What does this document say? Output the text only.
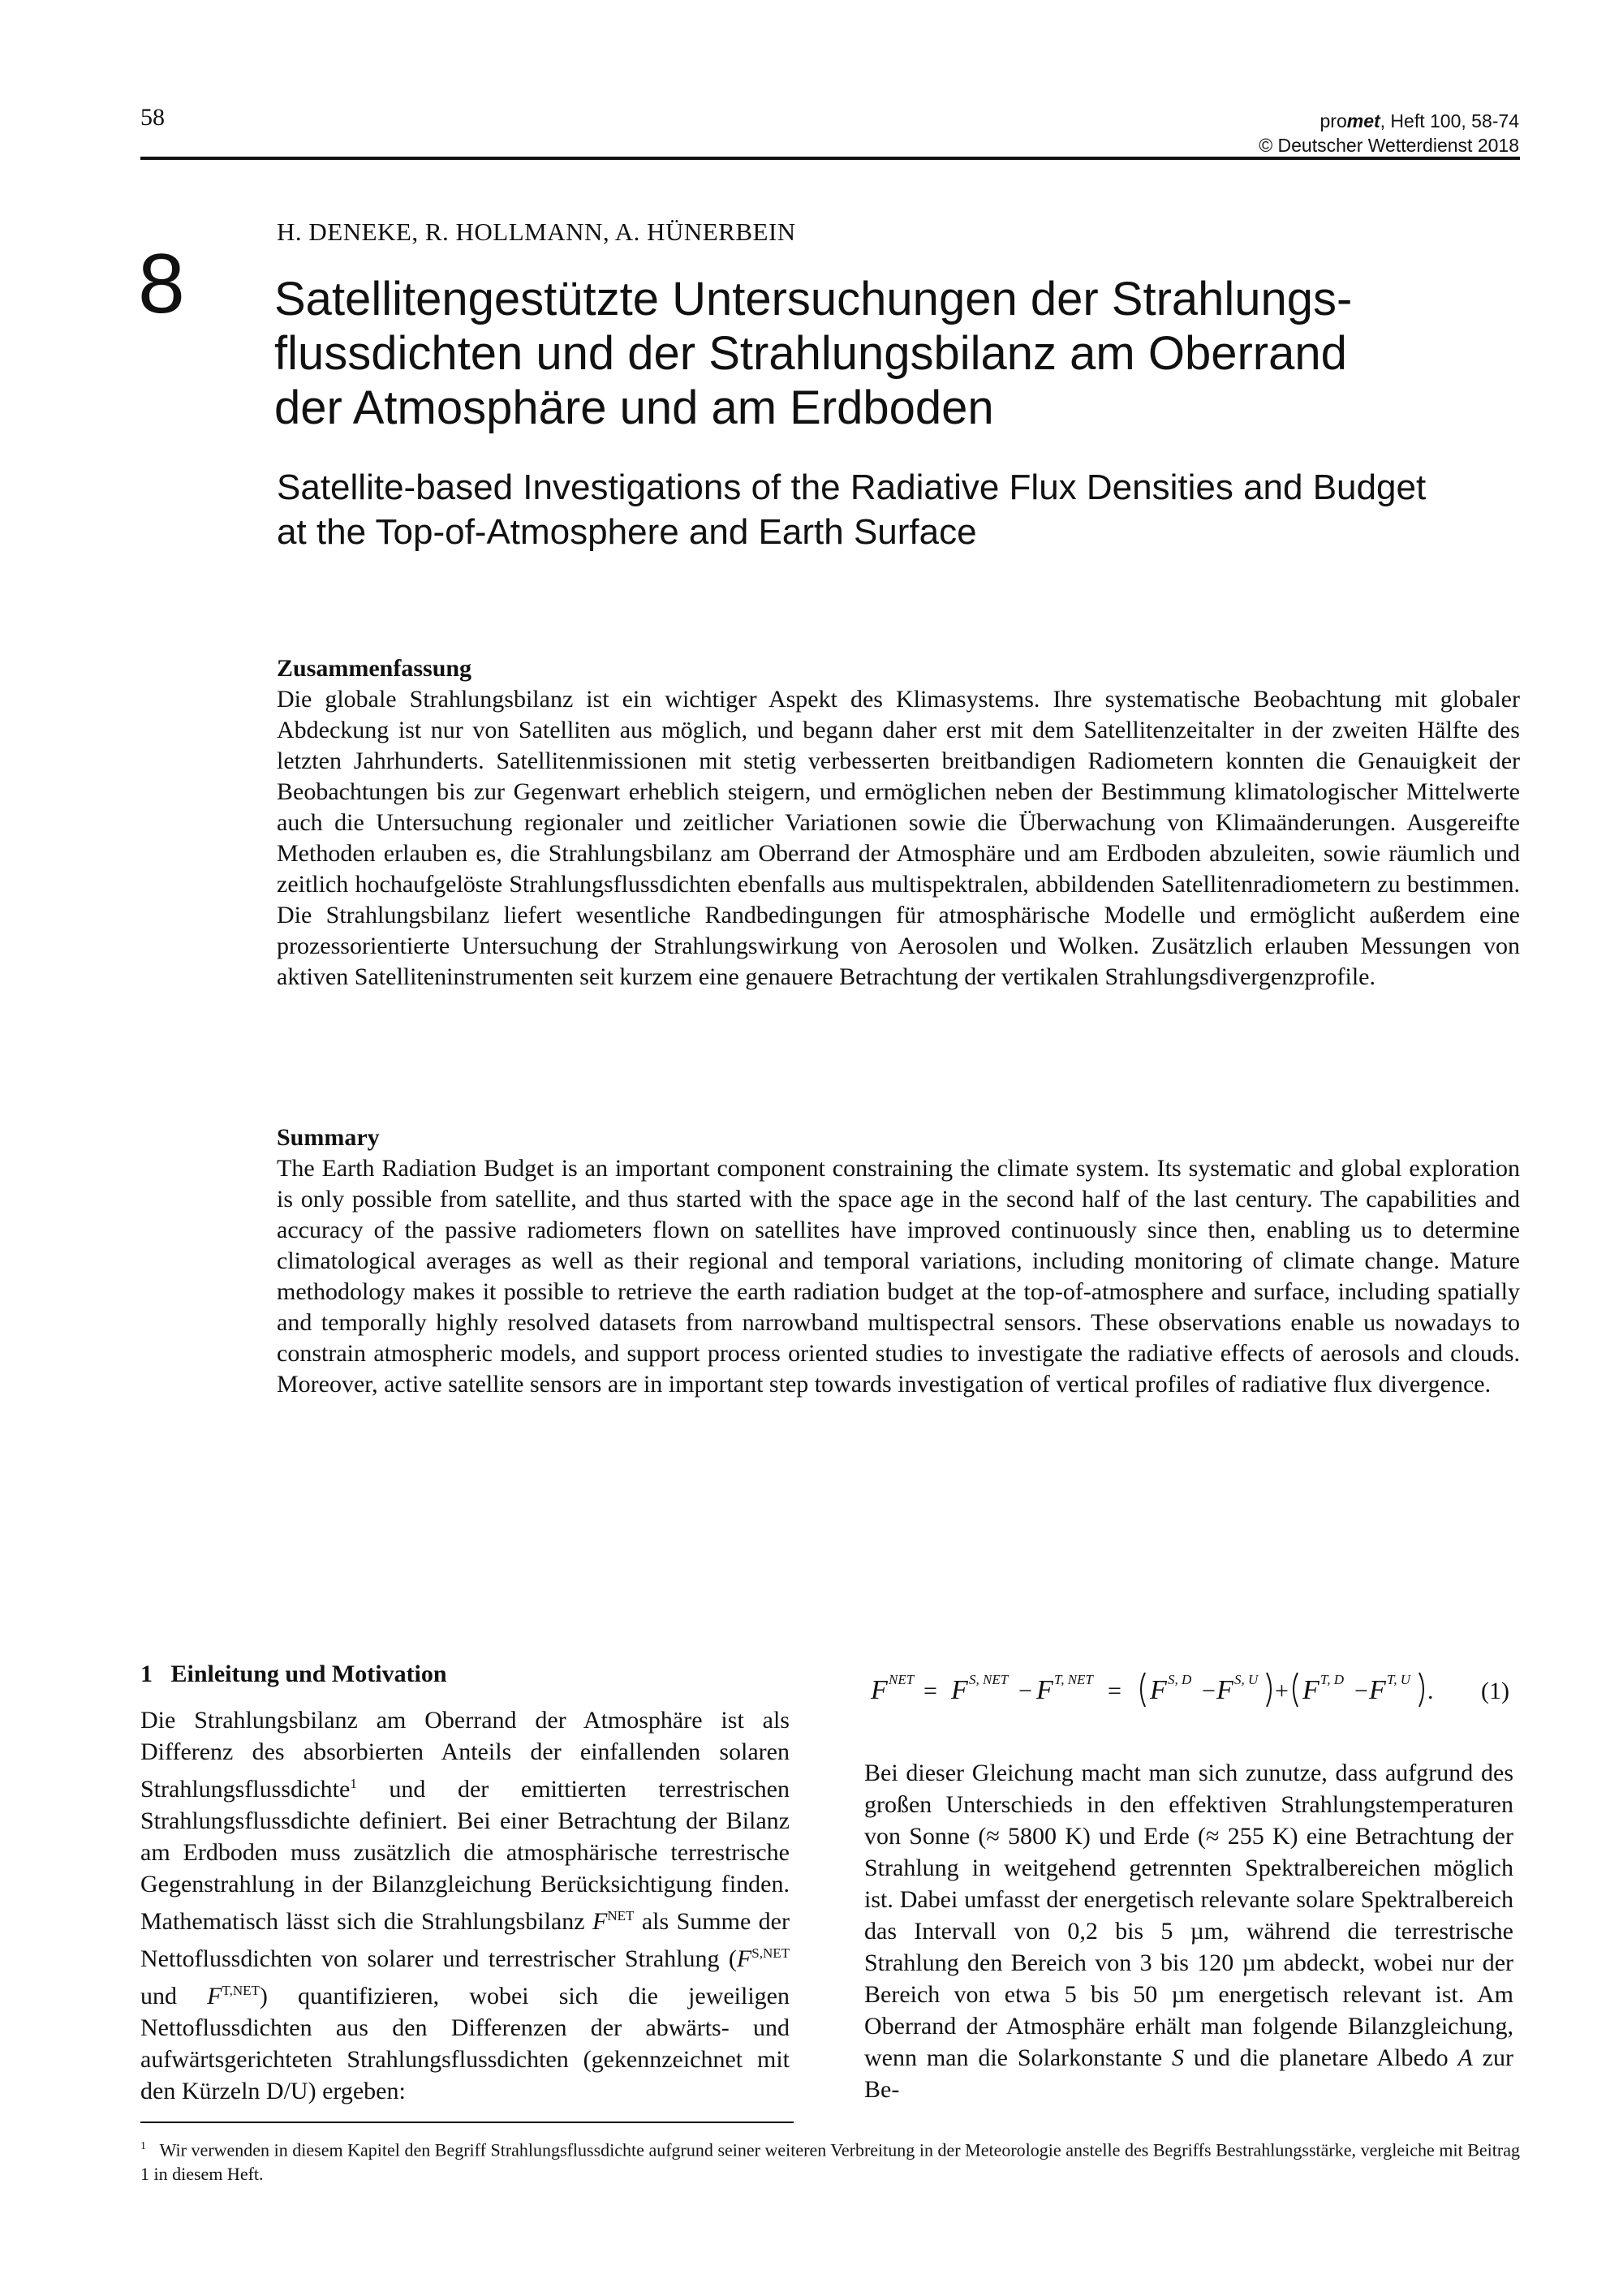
58	promet, Heft 100, 58-74
© Deutscher Wetterdienst 2018
8
H. DENEKE, R. HOLLMANN, A. HÜNERBEIN
Satellitengestützte Untersuchungen der Strahlungs-
flussdichten und der Strahlungsbilanz am Oberrand
der Atmosphäre und am Erdboden
Satellite-based Investigations of the Radiative Flux Densities and Budget
at the Top-of-Atmosphere and Earth Surface
Zusammenfassung

Die globale Strahlungsbilanz ist ein wichtiger Aspekt des Klimasystems. Ihre systematische Beobachtung mit globaler Abdeckung ist nur von Satelliten aus möglich, und begann daher erst mit dem Satellitenzeitalter in der zweiten Hälfte des letzten Jahrhunderts. Satellitenmissionen mit stetig verbesserten breitbandigen Radiometern konnten die Genauigkeit der Beobachtungen bis zur Gegenwart erheblich steigern, und ermöglichen neben der Bestimmung klimatologischer Mittelwerte auch die Untersuchung regionaler und zeitlicher Variationen sowie die Überwachung von Klimaänderungen. Ausgereifte Methoden erlauben es, die Strahlungsbilanz am Oberrand der Atmosphäre und am Erdboden abzuleiten, sowie räumlich und zeitlich hochaufgelöste Strahlungsflussdichten ebenfalls aus multispektralen, abbildenden Satellitenradiometern zu bestimmen. Die Strahlungsbilanz liefert wesentliche Randbedingungen für atmosphärische Modelle und ermöglicht außerdem eine prozessorientierte Untersuchung der Strahlungswirkung von Aerosolen und Wolken. Zusätzlich erlauben Messungen von aktiven Satelliteninstrumenten seit kurzem eine genauere Betrachtung der vertikalen Strahlungsdivergenzprofile.

Summary

The Earth Radiation Budget is an important component constraining the climate system. Its systematic and global exploration is only possible from satellite, and thus started with the space age in the second half of the last century. The capabilities and accuracy of the passive radiometers flown on satellites have improved continuously since then, enabling us to determine climatological averages as well as their regional and temporal variations, including monitoring of climate change. Mature methodology makes it possible to retrieve the earth radiation budget at the top-of-atmosphere and surface, including spatially and temporally highly resolved datasets from narrowband multispectral sensors. These observations enable us nowadays to constrain atmospheric models, and support process oriented studies to investigate the radiative effects of aerosols and clouds. Moreover, active satellite sensors are in important step towards investigation of vertical profiles of radiative flux divergence.

1   Einleitung und Motivation

Die Strahlungsbilanz am Oberrand der Atmosphäre ist als Differenz des absorbierten Anteils der einfallenden solaren Strahlungsflussdichte$^1$ und der emittierten terrestrischen Strahlungsflussdichte definiert. Bei einer Betrachtung der Bilanz am Erdboden muss zusätzlich die atmosphärische terrestrische Gegenstrahlung in der Bilanzgleichung Berücksichtigung finden. Mathematisch lässt sich die Strahlungsbilanz F$^{NET}$ als Summe der Nettoflussdichten von solarer und terrestrischer Strahlung (F$^{S,NET}$ und F$^{T,NET}$) quantifizieren, wobei sich die jeweiligen Nettoflussdichten aus den Differenzen der abwärts- und aufwärtsgerichteten Strahlungsflussdichten (gekennzeichnet mit den Kürzeln D/U) ergeben:

F NET = F S, NET − F T, NET = F S, D − F S, U + F T, D − F T, U . (1)

Bei dieser Gleichung macht man sich zunutze, dass aufgrund des großen Unterschieds in den effektiven Strahlungstemperaturen von Sonne (≈ 5800 K) und Erde (≈ 255 K) eine Betrachtung der Strahlung in weitgehend getrennten Spektralbereichen möglich ist. Dabei umfasst der energetisch relevante solare Spektralbereich das Intervall von 0,2 bis 5 µm, während die terrestrische Strahlung den Bereich von 3 bis 120 µm abdeckt, wobei nur der Bereich von etwa 5 bis 50 µm energetisch relevant ist. Am Oberrand der Atmosphäre erhält man folgende Bilanzgleichung, wenn man die Solarkonstante S und die planetare Albedo A zur Be-

$^1$ Wir verwenden in diesem Kapitel den Begriff Strahlungsflussdichte aufgrund seiner weiteren Verbreitung in der Meteorologie anstelle des Begriffs Bestrahlungsstärke, vergleiche mit Beitrag 1 in diesem Heft.
